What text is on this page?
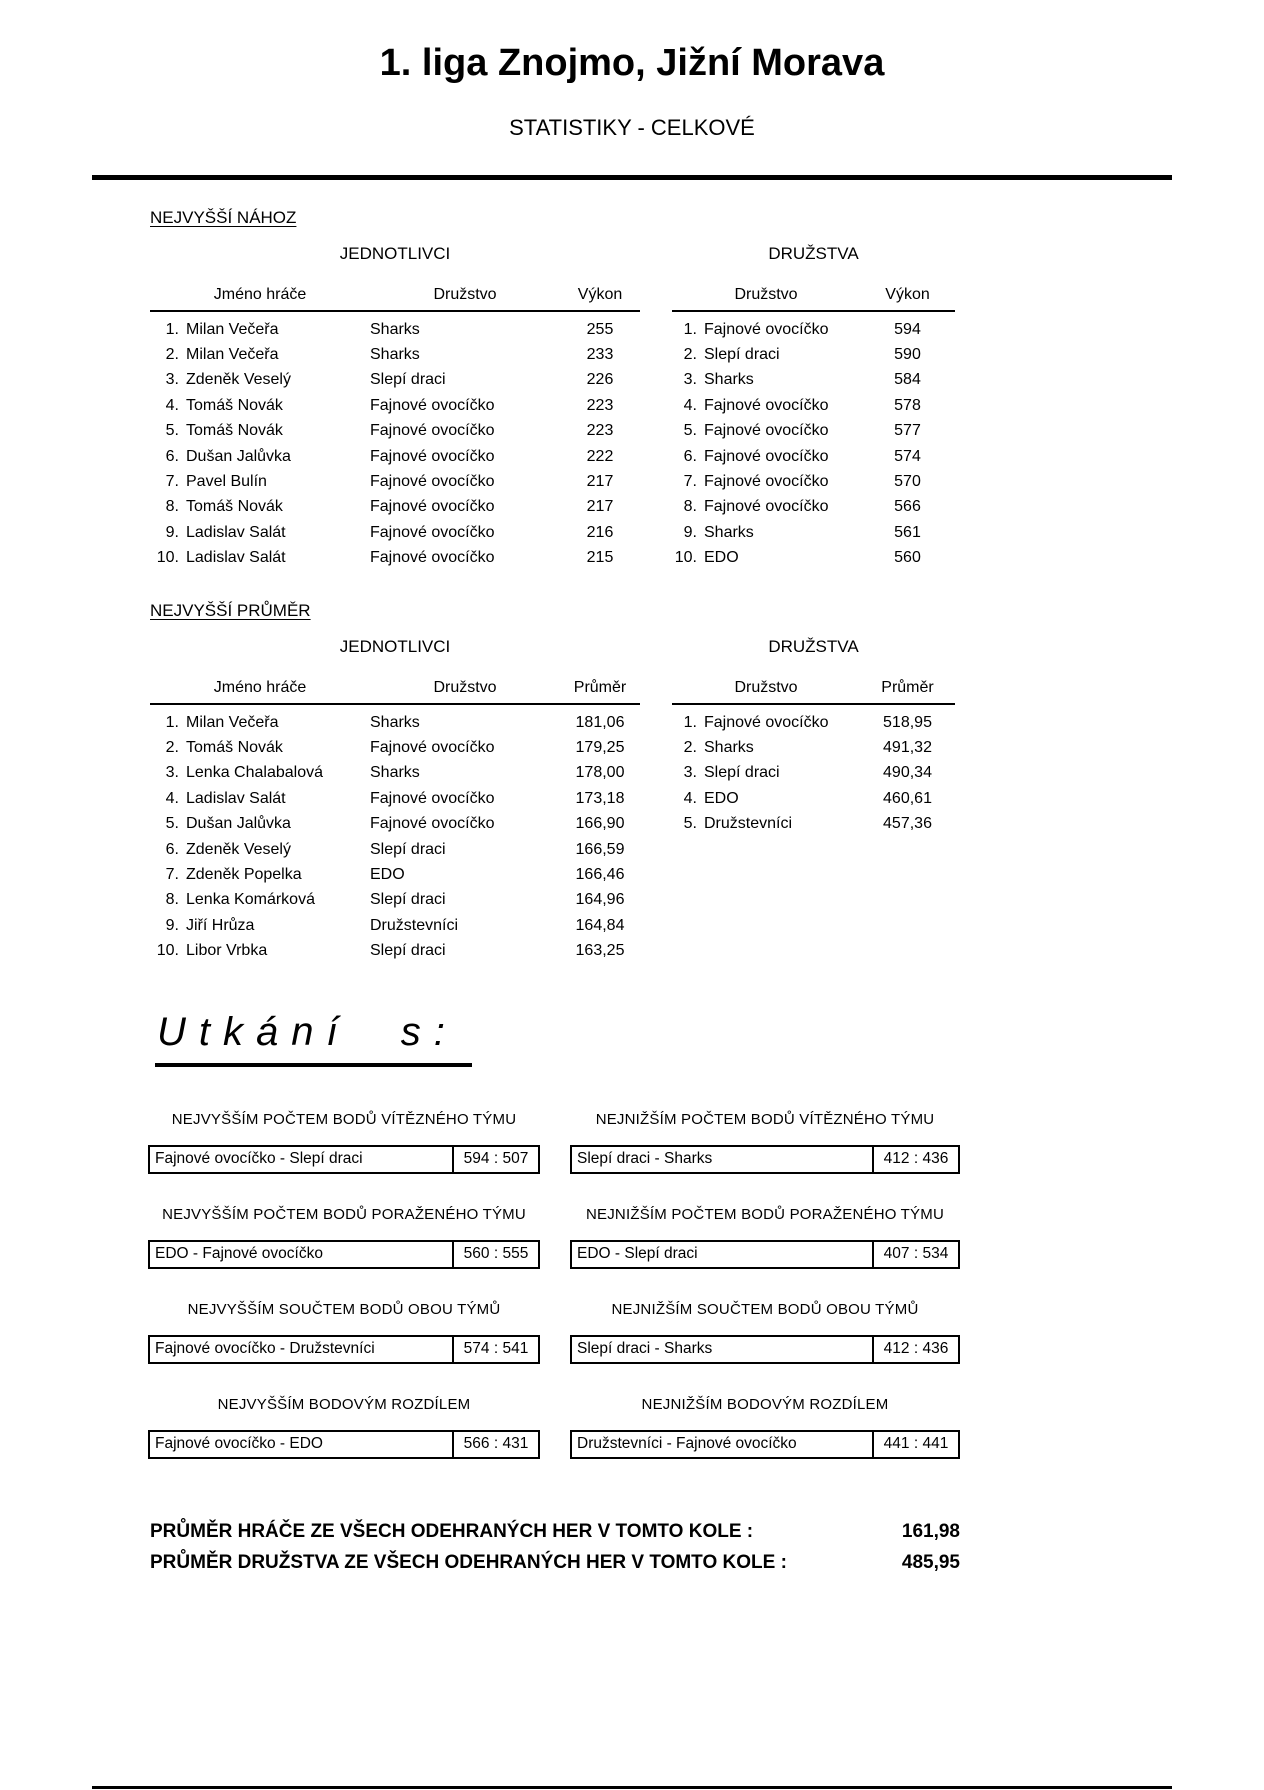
1. liga Znojmo, Jižní Morava
STATISTIKY - CELKOVÉ
NEJVYŠŠÍ NÁHOZ
JEDNOTLIVCI
Jméno hráče	Družstvo	Výkon
1. Milan Večeřa	Sharks	255
2. Milan Večeřa	Sharks	233
3. Zdeněk Veselý	Slepí draci	226
4. Tomáš Novák	Fajnové ovocíčko	223
5. Tomáš Novák	Fajnové ovocíčko	223
6. Dušan Jalůvka	Fajnové ovocíčko	222
7. Pavel Bulín	Fajnové ovocíčko	217
8. Tomáš Novák	Fajnové ovocíčko	217
9. Ladislav Salát	Fajnové ovocíčko	216
10. Ladislav Salát	Fajnové ovocíčko	215
DRUŽSTVA
Družstvo	Výkon
1. Fajnové ovocíčko	594
2. Slepí draci	590
3. Sharks	584
4. Fajnové ovocíčko	578
5. Fajnové ovocíčko	577
6. Fajnové ovocíčko	574
7. Fajnové ovocíčko	570
8. Fajnové ovocíčko	566
9. Sharks	561
10. EDO	560
NEJVYŠŠÍ PRŮMĚR
JEDNOTLIVCI
Jméno hráče	Družstvo	Průměr
1. Milan Večeřa	Sharks	181,06
2. Tomáš Novák	Fajnové ovocíčko	179,25
3. Lenka Chalabalová	Sharks	178,00
4. Ladislav Salát	Fajnové ovocíčko	173,18
5. Dušan Jalůvka	Fajnové ovocíčko	166,90
6. Zdeněk Veselý	Slepí draci	166,59
7. Zdeněk Popelka	EDO	166,46
8. Lenka Komárková	Slepí draci	164,96
9. Jiří Hrůza	Družstevníci	164,84
10. Libor Vrbka	Slepí draci	163,25
DRUŽSTVA
Družstvo	Průměr
1. Fajnové ovocíčko	518,95
2. Sharks	491,32
3. Slepí draci	490,34
4. EDO	460,61
5. Družstevníci	457,36
Utkání s:
NEJVYŠŠÍM POČTEM BODŮ VÍTĚZNÉHO TÝMU
Fajnové ovocíčko - Slepí draci	594 : 507
NEJNIŽŠÍM POČTEM BODŮ VÍTĚZNÉHO TÝMU
Slepí draci - Sharks	412 : 436
NEJVYŠŠÍM POČTEM BODŮ PORAŽENÉHO TÝMU
EDO - Fajnové ovocíčko	560 : 555
NEJNIŽŠÍM POČTEM BODŮ PORAŽENÉHO TÝMU
EDO - Slepí draci	407 : 534
NEJVYŠŠÍM SOUČTEM BODŮ OBOU TÝMŮ
Fajnové ovocíčko - Družstevníci	574 : 541
NEJNIŽŠÍM SOUČTEM BODŮ OBOU TÝMŮ
Slepí draci - Sharks	412 : 436
NEJVYŠŠÍM BODOVÝM ROZDÍLEM
Fajnové ovocíčko - EDO	566 : 431
NEJNIŽŠÍM BODOVÝM ROZDÍLEM
Družstevníci - Fajnové ovocíčko	441 : 441
PRŮMĚR HRÁČE ZE VŠECH ODEHRANÝCH HER V TOMTO KOLE :	161,98
PRŮMĚR DRUŽSTVA ZE VŠECH ODEHRANÝCH HER V TOMTO KOLE :	485,95
